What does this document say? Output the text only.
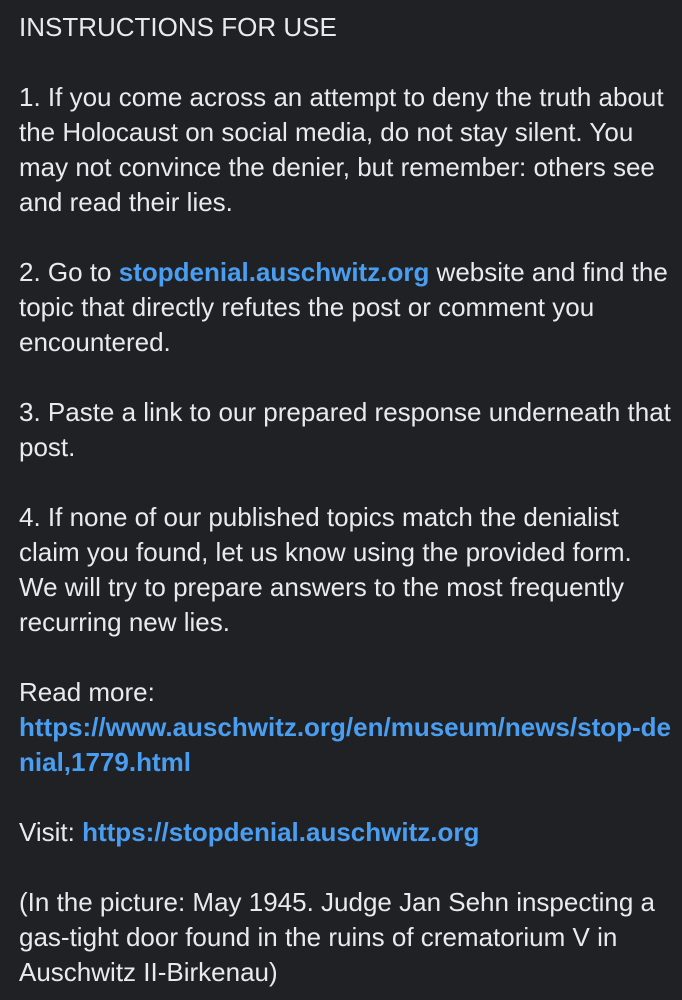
INSTRUCTIONS FOR USE

1. If you come across an attempt to deny the truth about the Holocaust on social media, do not stay silent. You may not convince the denier, but remember: others see and read their lies.

2. Go to stopdenial.auschwitz.org website and find the topic that directly refutes the post or comment you encountered.

3. Paste a link to our prepared response underneath that post.

4. If none of our published topics match the denialist claim you found, let us know using the provided form. We will try to prepare answers to the most frequently recurring new lies.

Read more:
https://www.auschwitz.org/en/museum/news/stop-denial,1779.html

Visit: https://stopdenial.auschwitz.org

(In the picture: May 1945. Judge Jan Sehn inspecting a gas-tight door found in the ruins of crematorium V in Auschwitz II-Birkenau)
